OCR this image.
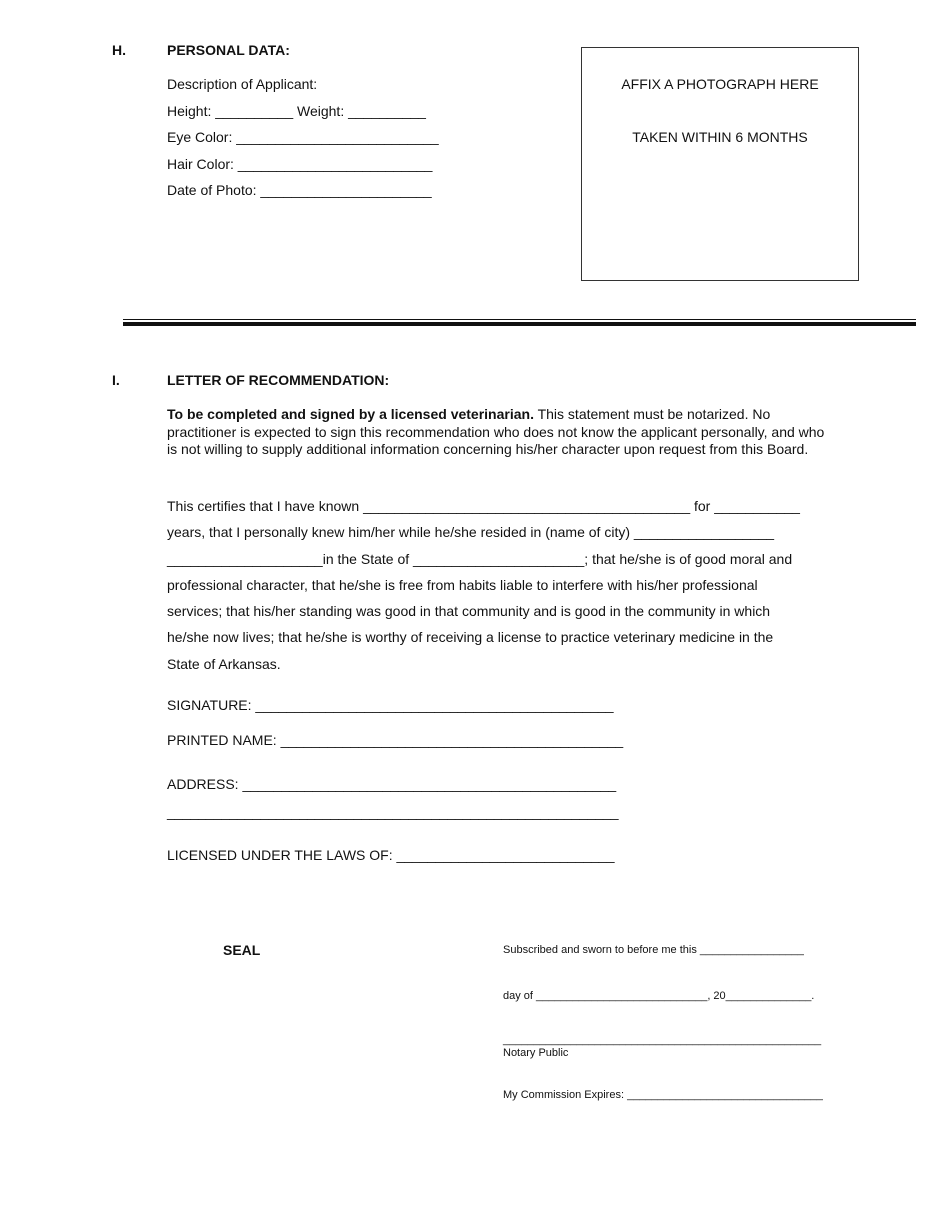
H.	PERSONAL DATA:
Description of Applicant:
Height: __________ Weight: __________
Eye Color: __________________________
Hair Color: _________________________
Date of Photo: ______________________
AFFIX A PHOTOGRAPH HERE
TAKEN WITHIN 6 MONTHS
I.	LETTER OF RECOMMENDATION:
To be completed and signed by a licensed veterinarian. This statement must be notarized. No practitioner is expected to sign this recommendation who does not know the applicant personally, and who is not willing to supply additional information concerning his/her character upon request from this Board.
This certifies that I have known __________________________________________ for ___________
years, that I personally knew him/her while he/she resided in (name of city) __________________
____________________in the State of ______________________; that he/she is of good moral and
professional character, that he/she is free from habits liable to interfere with his/her professional
services; that his/her standing was good in that community and is good in the community in which
he/she now lives; that he/she is worthy of receiving a license to practice veterinary medicine in the
State of Arkansas.
SIGNATURE: ______________________________________________
PRINTED NAME: ____________________________________________
ADDRESS: ________________________________________________
__________________________________________________________
LICENSED UNDER THE LAWS OF: ____________________________
SEAL	Subscribed and sworn to before me this _________________
day of ____________________________, 20______________.
____________________________________________________
Notary Public
My Commission Expires: ________________________________
